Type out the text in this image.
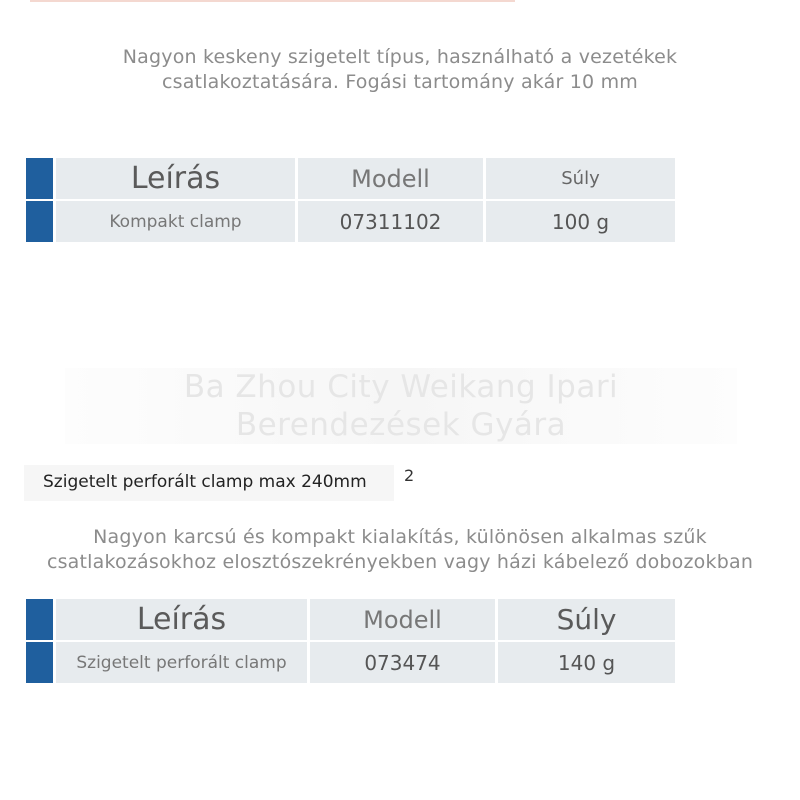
Nagyon keskeny szigetelt típus, használható a vezetékek
csatlakoztatására. Fogási tartomány akár 10 mm
Leírás	Modell	Súly
Kompakt clamp	07311102	100 g
Ba Zhou City Weikang Ipari
Berendezések Gyára
Szigetelt perforált clamp max 240mm 2
Nagyon karcsú és kompakt kialakítás, különösen alkalmas szűk
csatlakozásokhoz elosztószekrényekben vagy házi kábelező dobozokban
Leírás	Modell	Súly
Szigetelt perforált clamp	073474	140 g
